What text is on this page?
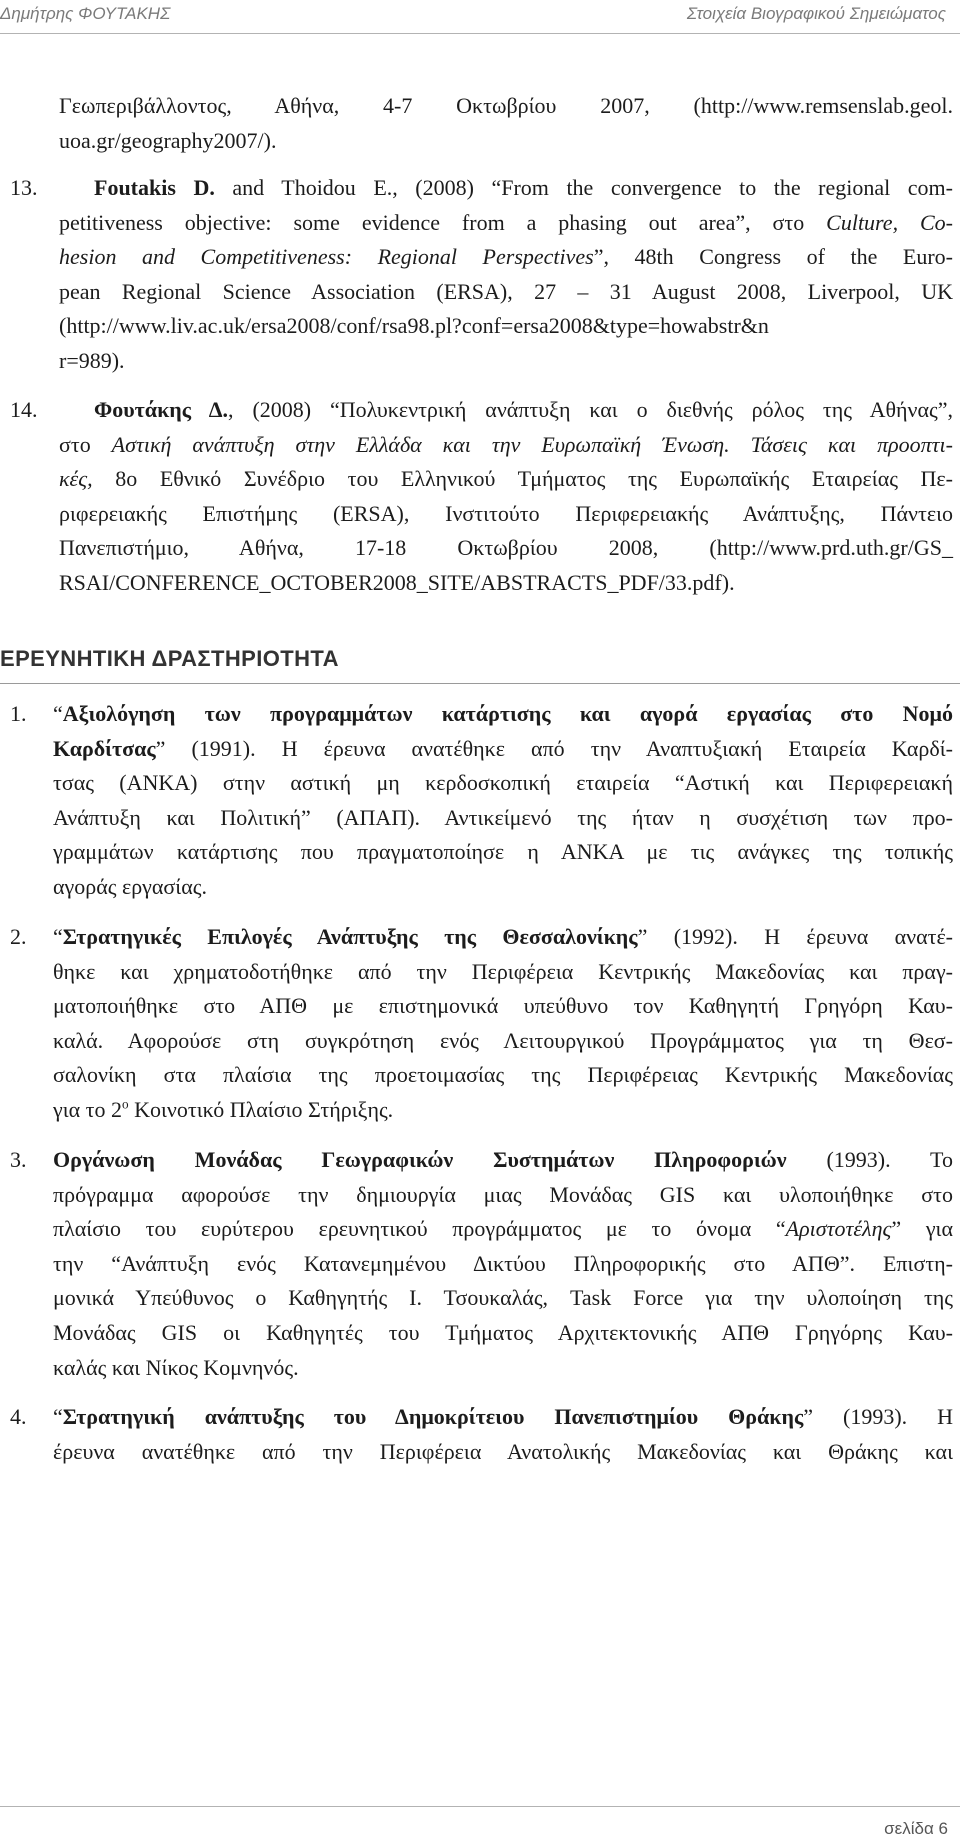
Δημήτρης ΦΟΥΤΑΚΗΣ	Στοιχεία Βιογραφικού Σημειώματος
Γεωπεριβάλλοντος, Αθήνα, 4-7 Οκτωβρίου 2007, (http://www.remsenslab.geol.
uoa.gr/geography2007/).
13.	Foutakis D. and Thoidou E., (2008) “From the convergence to the regional com-
petitiveness objective: some evidence from a phasing out area”, στο Culture, Co-
hesion and Competitiveness: Regional Perspectives”, 48th Congress of the Euro-
pean Regional Science Association (ERSA), 27 – 31 August 2008, Liverpool, UK
(http://www.liv.ac.uk/ersa2008/conf/rsa98.pl?conf=ersa2008&type=howabstr&n
r=989).
14.	Φουτάκης Δ., (2008) “Πολυκεντρική ανάπτυξη και ο διεθνής ρόλος της Αθήνας”,
στο Αστική ανάπτυξη στην Ελλάδα και την Ευρωπαϊκή Ένωση. Τάσεις και προοπτι-
κές, 8ο Εθνικό Συνέδριο του Ελληνικού Τμήματος της Ευρωπαϊκής Εταιρείας Πε-
ριφερειακής Επιστήμης (ERSA), Ινστιτούτο Περιφερειακής Ανάπτυξης, Πάντειο
Πανεπιστήμιο, Αθήνα, 17-18 Οκτωβρίου 2008, (http://www.prd.uth.gr/GS_
RSAI/CONFERENCE_OCTOBER2008_SITE/ABSTRACTS_PDF/33.pdf).
ΕΡΕΥΝΗΤΙΚΗ ΔΡΑΣΤΗΡΙΟΤΗΤΑ
1. “Αξιολόγηση των προγραμμάτων κατάρτισης και αγορά εργασίας στο Νομό
Καρδίτσας” (1991). Η έρευνα ανατέθηκε από την Αναπτυξιακή Εταιρεία Καρδί-
τσας (ΑΝΚΑ) στην αστική μη κερδοσκοπική εταιρεία “Αστική και Περιφερειακή
Ανάπτυξη και Πολιτική” (ΑΠΑΠ). Αντικείμενό της ήταν η συσχέτιση των προ-
γραμμάτων κατάρτισης που πραγματοποίησε η ΑΝΚΑ με τις ανάγκες της τοπικής
αγοράς εργασίας.
2. “Στρατηγικές Επιλογές Ανάπτυξης της Θεσσαλονίκης” (1992). Η έρευνα ανατέ-
θηκε και χρηματοδοτήθηκε από την Περιφέρεια Κεντρικής Μακεδονίας και πραγ-
ματοποιήθηκε στο ΑΠΘ με επιστημονικά υπεύθυνο τον Καθηγητή Γρηγόρη Καυ-
καλά. Αφορούσε στη συγκρότηση ενός Λειτουργικού Προγράμματος για τη Θεσ-
σαλονίκη στα πλαίσια της προετοιμασίας της Περιφέρειας Κεντρικής Μακεδονίας
για το $2^o$ Κοινοτικό Πλαίσιο Στήριξης.
3. Οργάνωση Μονάδας Γεωγραφικών Συστημάτων Πληροφοριών (1993). Το
πρόγραμμα αφορούσε την δημιουργία μιας Μονάδας GIS και υλοποιήθηκε στο
πλαίσιο του ευρύτερου ερευνητικού προγράμματος με το όνομα “Αριστοτέλης” για
την “Ανάπτυξη ενός Κατανεμημένου Δικτύου Πληροφορικής στο ΑΠΘ”. Επιστη-
μονικά Υπεύθυνος ο Καθηγητής Ι. Τσουκαλάς, Task Force για την υλοποίηση της
Μονάδας GIS οι Καθηγητές του Τμήματος Αρχιτεκτονικής ΑΠΘ Γρηγόρης Καυ-
καλάς και Νίκος Κομνηνός.
4. “Στρατηγική ανάπτυξης του Δημοκρίτειου Πανεπιστημίου Θράκης” (1993). Η
έρευνα ανατέθηκε από την Περιφέρεια Ανατολικής Μακεδονίας και Θράκης και
σελίδα 6
